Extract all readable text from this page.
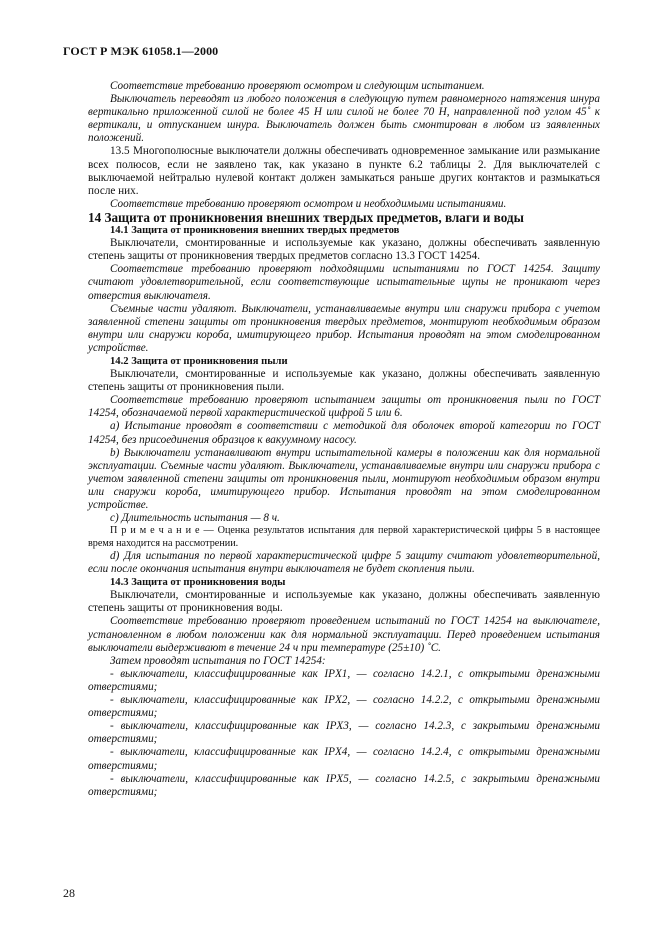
ГОСТ Р МЭК 61058.1—2000

Соответствие требованию проверяют осмотром и следующим испытанием.

Выключатель переводят из любого положения в следующую путем равномерного натяжения шнура вертикально приложенной силой не более 45 Н или силой не более 70 Н, направленной под углом 45˚ к вертикали, и отпусканием шнура. Выключатель должен быть смонтирован в любом из заявленных положений.

13.5 Многополюсные выключатели должны обеспечивать одновременное замыкание или размыкание всех полюсов, если не заявлено так, как указано в пункте 6.2 таблицы 2. Для выключателей с выключаемой нейтралью нулевой контакт должен замыкаться раньше других контактов и размыкаться после них.

Соответствие требованию проверяют осмотром и необходимыми испытаниями.

14 Защита от проникновения внешних твердых предметов, влаги и воды

14.1 Защита от проникновения внешних твердых предметов

Выключатели, смонтированные и используемые как указано, должны обеспечивать заявленную степень защиты от проникновения твердых предметов согласно 13.3 ГОСТ 14254.

Соответствие требованию проверяют подходящими испытаниями по ГОСТ 14254. Защиту считают удовлетворительной, если соответствующие испытательные щупы не проникают через отверстия выключателя.

Съемные части удаляют. Выключатели, устанавливаемые внутри или снаружи прибора с учетом заявленной степени защиты от проникновения твердых предметов, монтируют необходимым образом внутри или снаружи короба, имитирующего прибор. Испытания проводят на этом смоделированном устройстве.

14.2 Защита от проникновения пыли

Выключатели, смонтированные и используемые как указано, должны обеспечивать заявленную степень защиты от проникновения пыли.

Соответствие требованию проверяют испытанием защиты от проникновения пыли по ГОСТ 14254, обозначаемой первой характеристической цифрой 5 или 6.

a) Испытание проводят в соответствии с методикой для оболочек второй категории по ГОСТ 14254, без присоединения образцов к вакуумному насосу.

b) Выключатели устанавливают внутри испытательной камеры в положении как для нормальной эксплуатации. Съемные части удаляют. Выключатели, устанавливаемые внутри или снаружи прибора с учетом заявленной степени защиты от проникновения пыли, монтируют необходимым образом внутри или снаружи короба, имитирующего прибор. Испытания проводят на этом смоделированном устройстве.

c) Длительность испытания — 8 ч.

П р и м е ч а н и е — Оценка результатов испытания для первой характеристической цифры 5 в настоящее время находится на рассмотрении.

d) Для испытания по первой характеристической цифре 5 защиту считают удовлетворительной, если после окончания испытания внутри выключателя не будет скопления пыли.

14.3 Защита от проникновения воды

Выключатели, смонтированные и используемые как указано, должны обеспечивать заявленную степень защиты от проникновения воды.

Соответствие требованию проверяют проведением испытаний по ГОСТ 14254 на выключателе, установленном в любом положении как для нормальной эксплуатации. Перед проведением испытания выключатели выдерживают в течение 24 ч при температуре (25±10) ˚С.

Затем проводят испытания по ГОСТ 14254:

- выключатели, классифицированные как IPX1, — согласно 14.2.1, с открытыми дренажными отверстиями;

- выключатели, классифицированные как IPX2, — согласно 14.2.2, с открытыми дренажными отверстиями;

- выключатели, классифицированные как IPX3, — согласно 14.2.3, с закрытыми дренажными отверстиями;

- выключатели, классифицированные как IPX4, — согласно 14.2.4, с открытыми дренажными отверстиями;

- выключатели, классифицированные как IPX5, — согласно 14.2.5, с закрытыми дренажными отверстиями;

28
